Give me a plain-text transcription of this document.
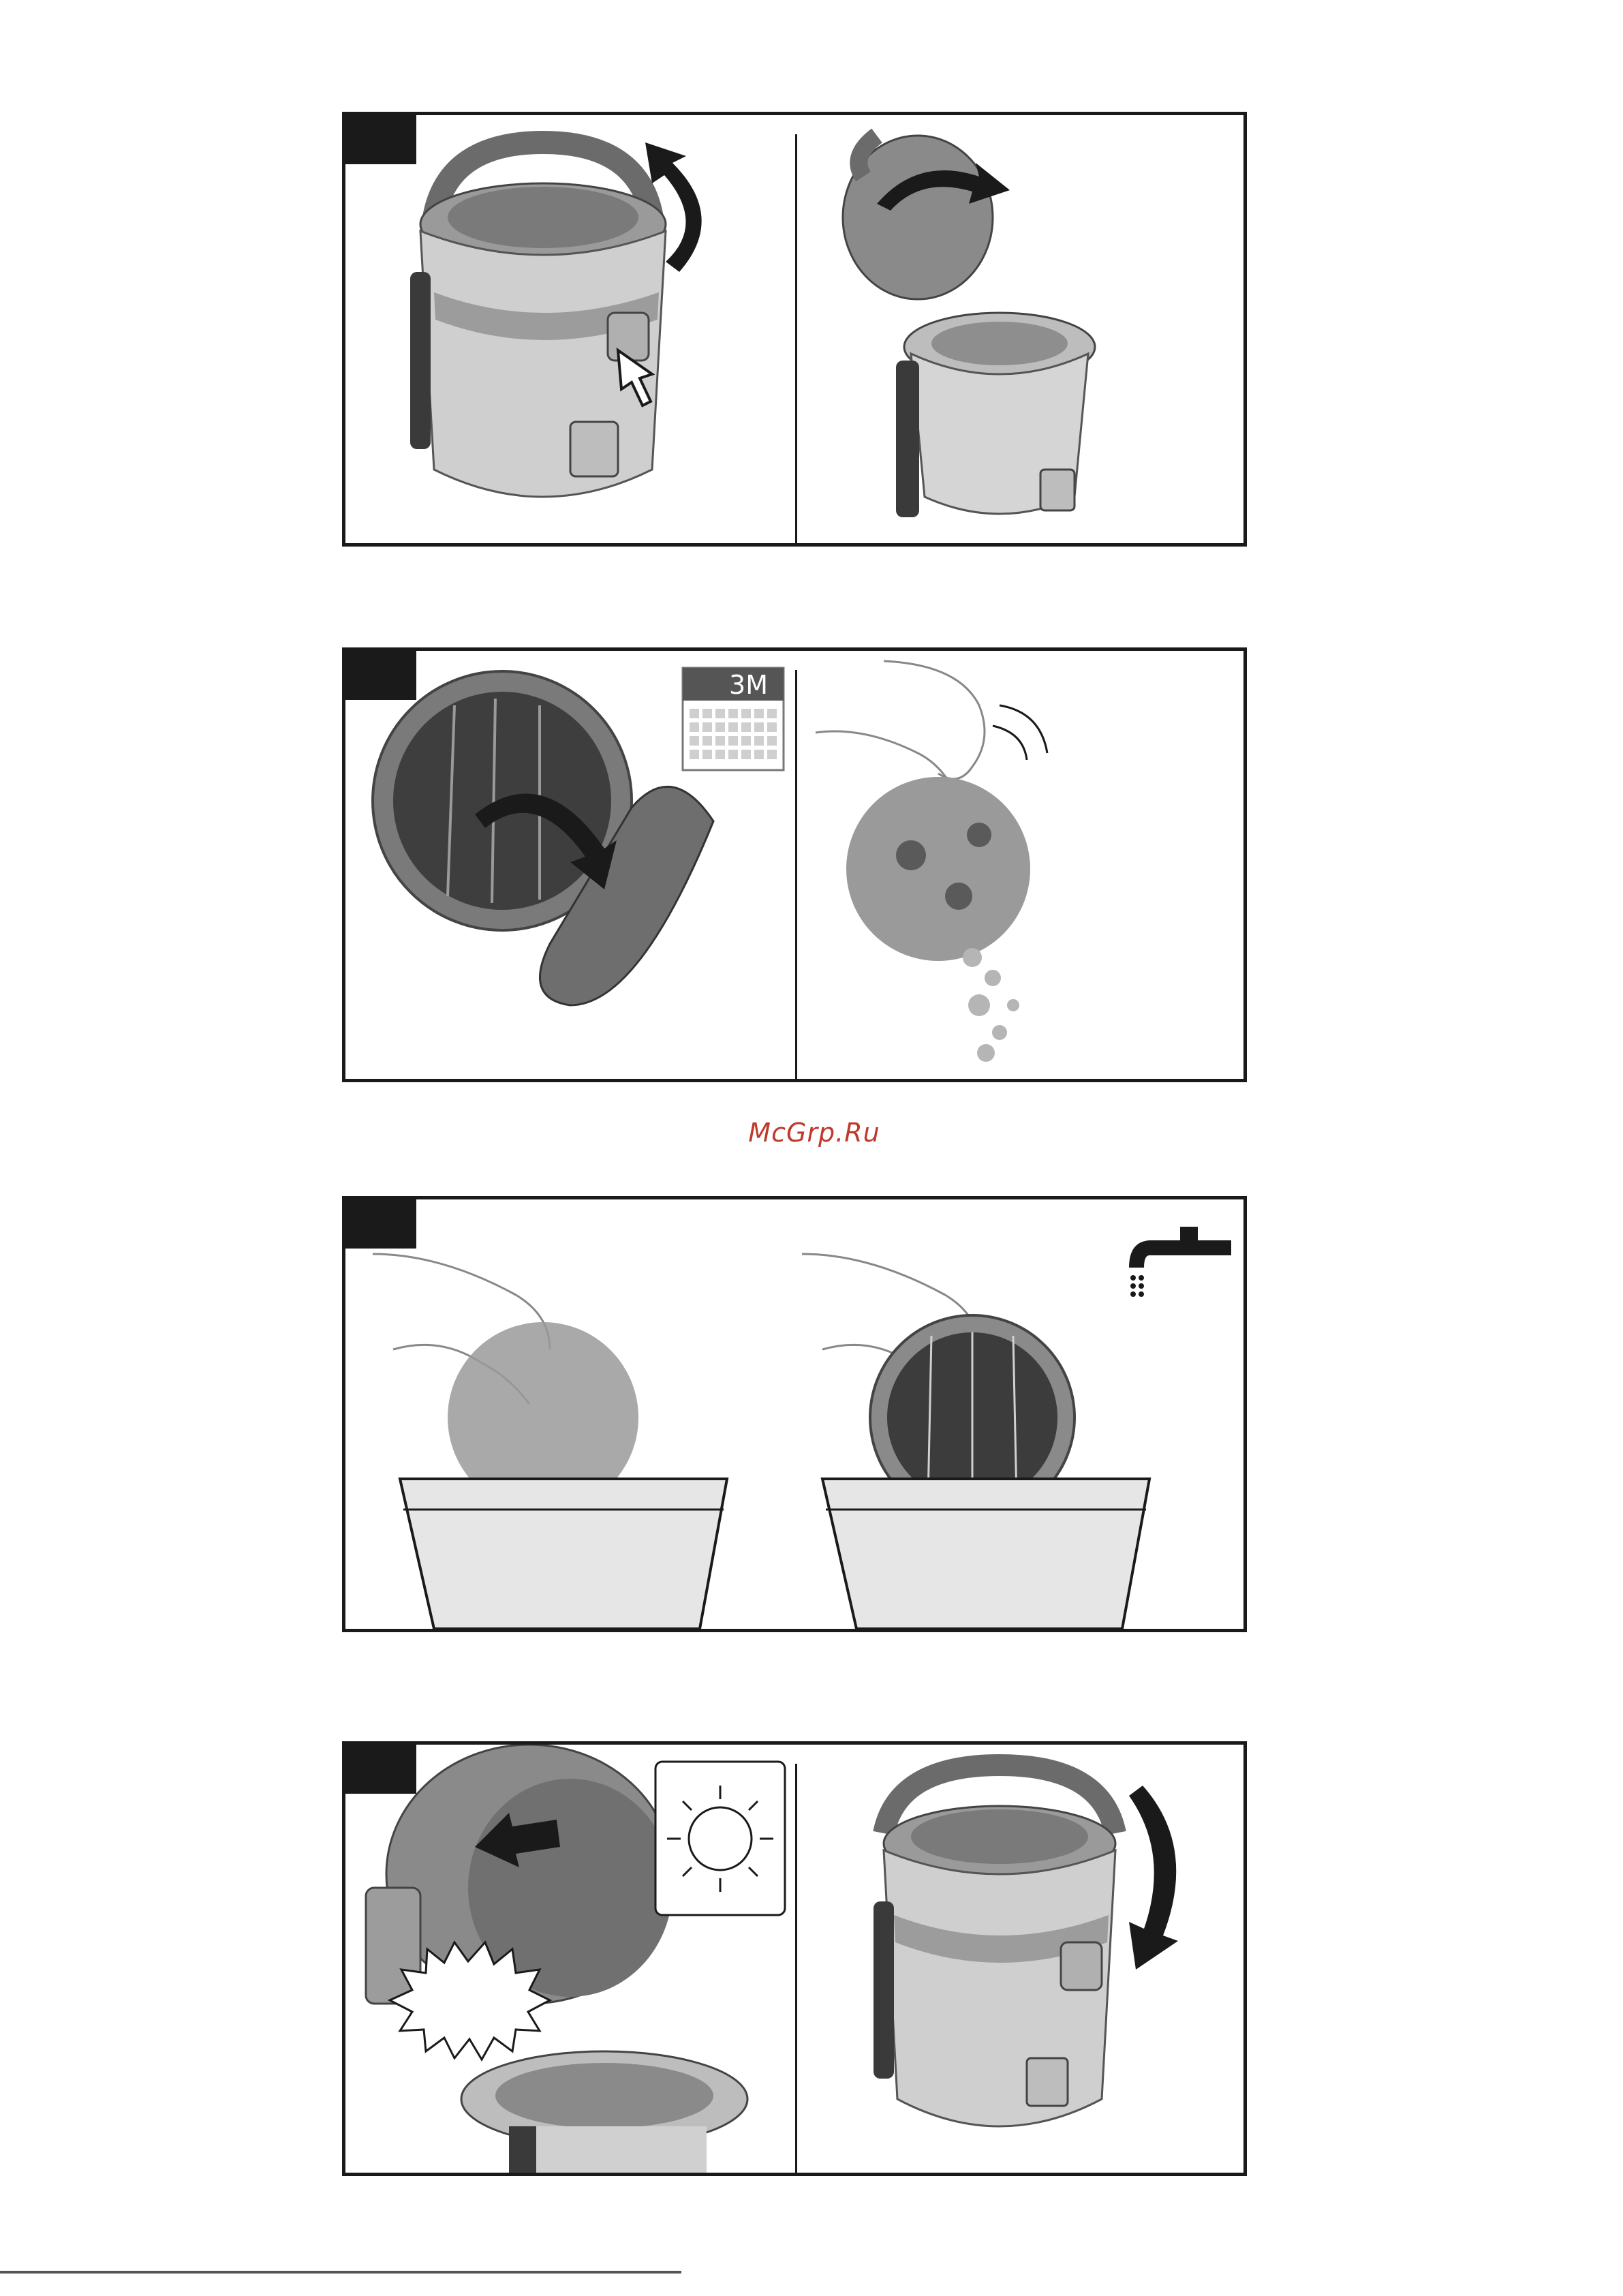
3M
McGrp.Ru
